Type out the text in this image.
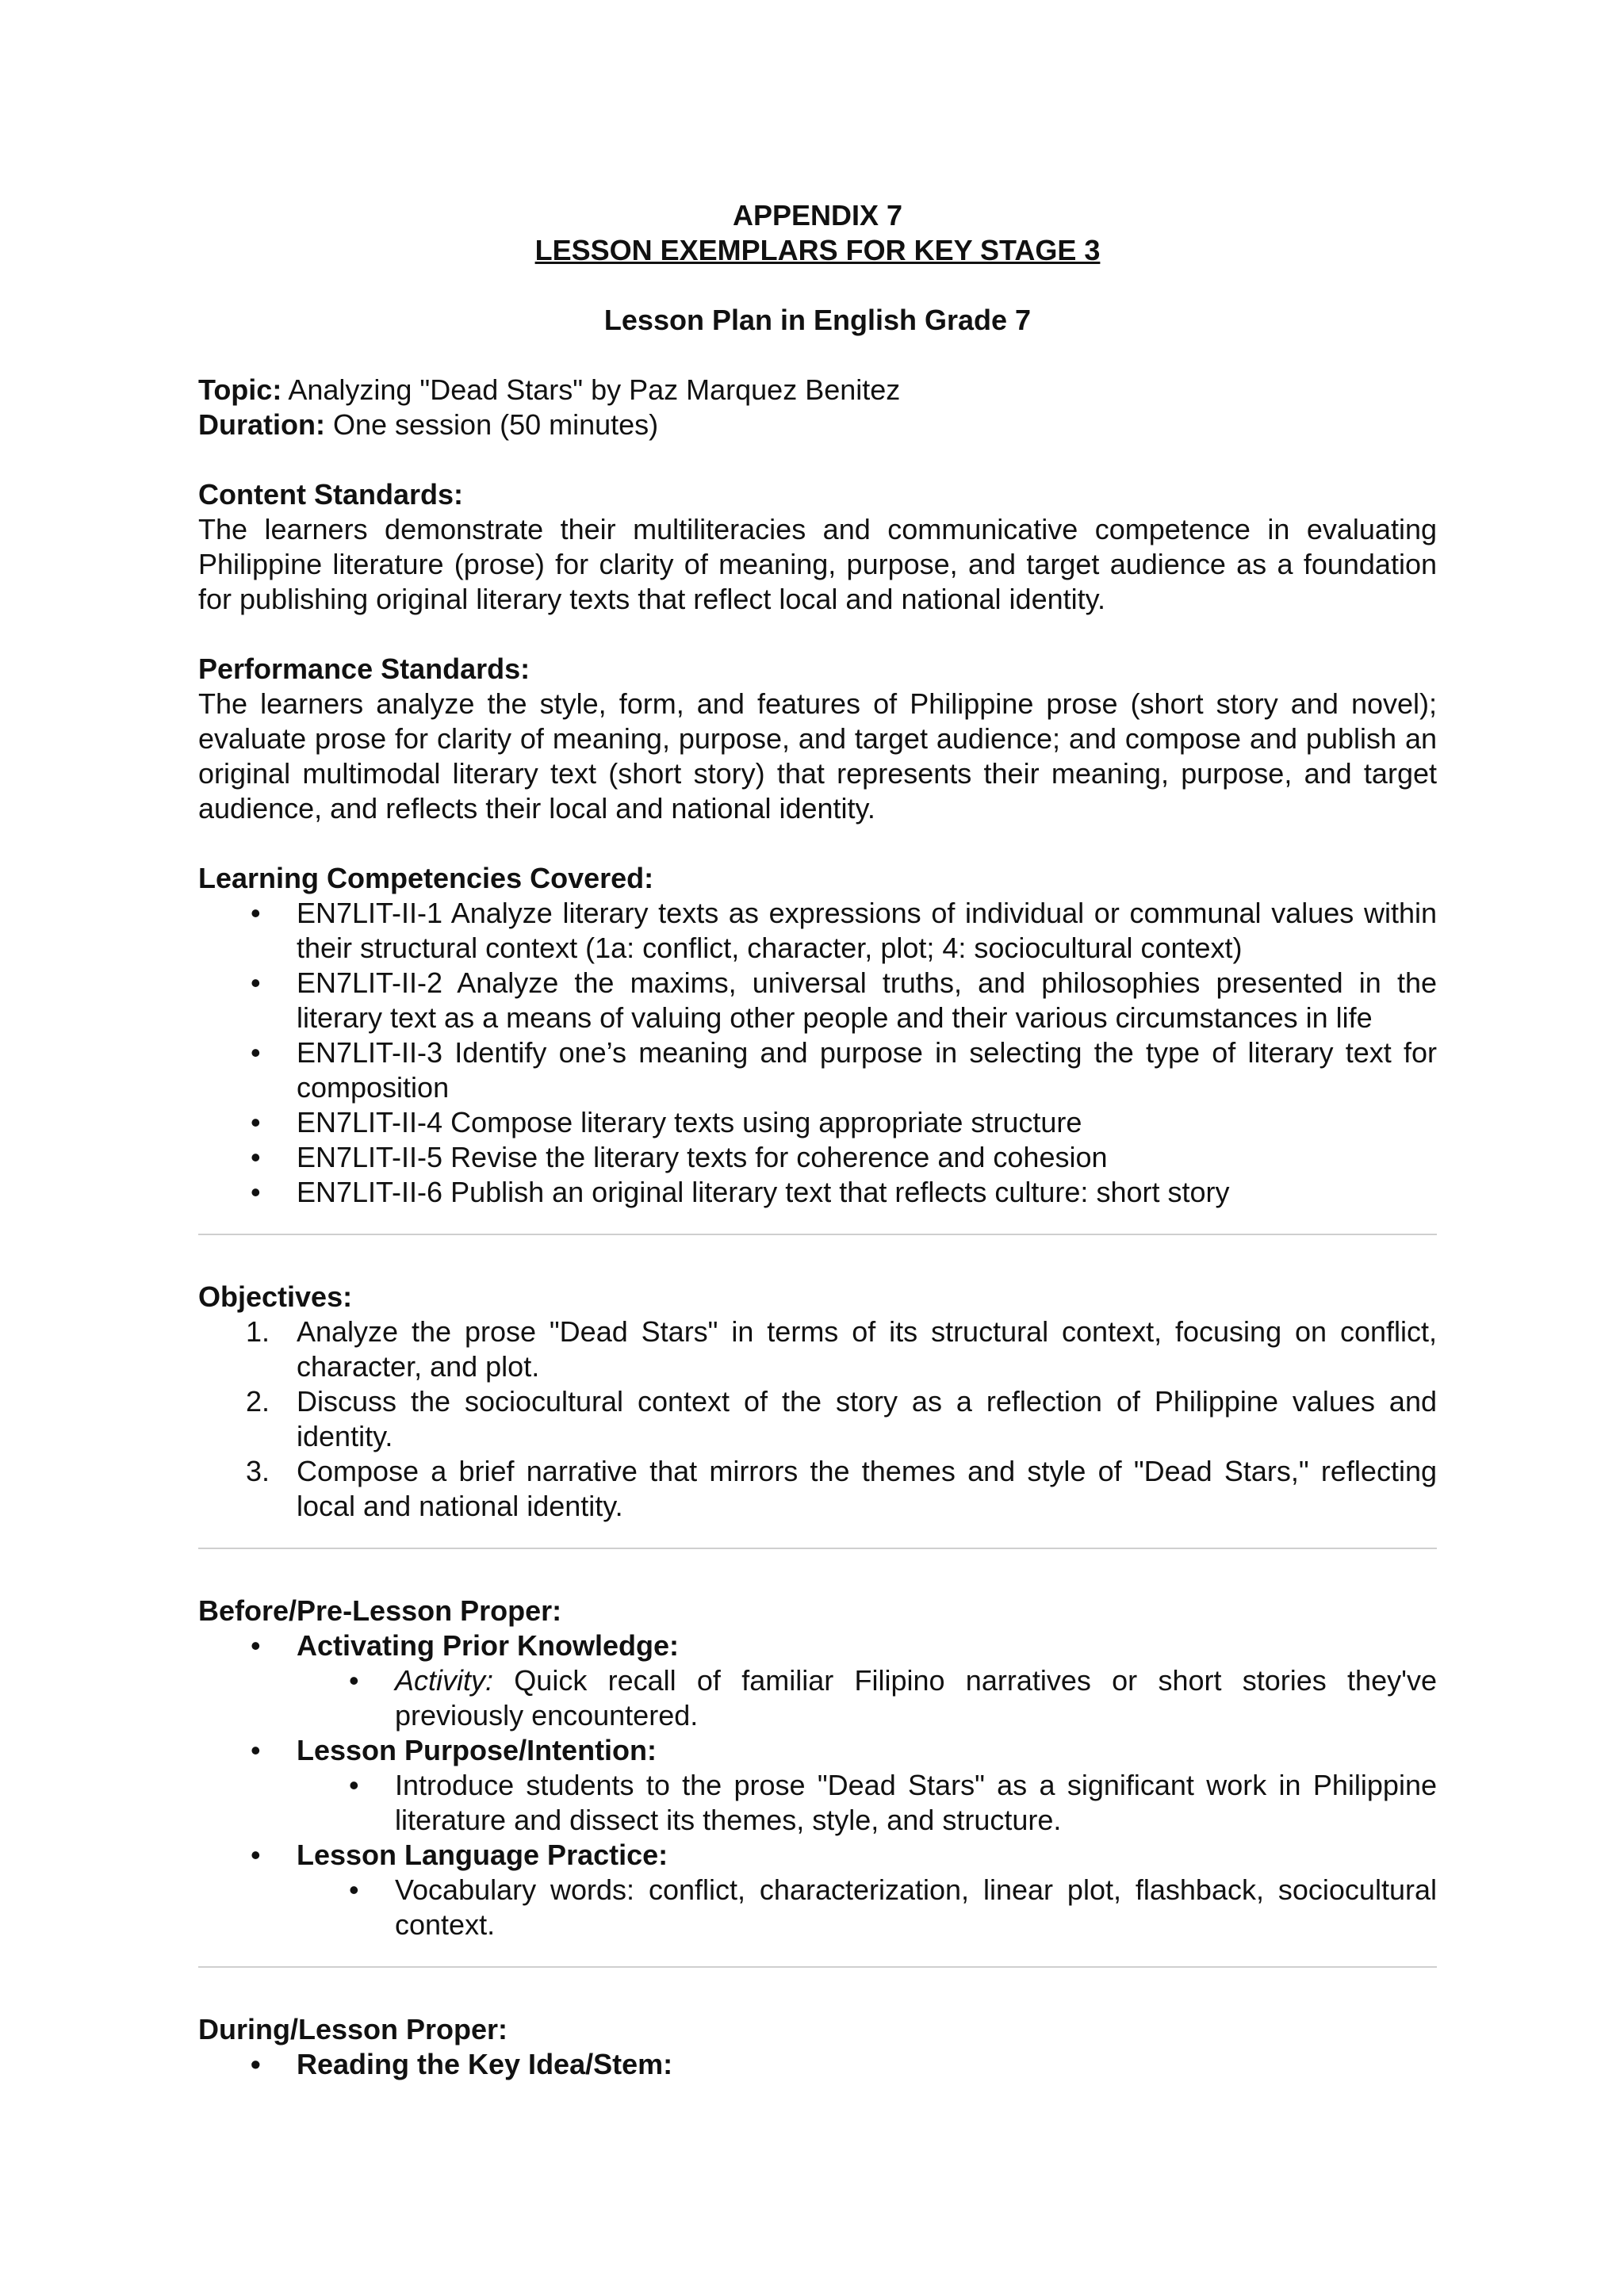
APPENDIX 7
LESSON EXEMPLARS FOR KEY STAGE 3
Lesson Plan in English Grade 7
Topic: Analyzing "Dead Stars" by Paz Marquez Benitez
Duration: One session (50 minutes)
Content Standards:
The learners demonstrate their multiliteracies and communicative competence in evaluating Philippine literature (prose) for clarity of meaning, purpose, and target audience as a foundation for publishing original literary texts that reflect local and national identity.
Performance Standards:
The learners analyze the style, form, and features of Philippine prose (short story and novel); evaluate prose for clarity of meaning, purpose, and target audience; and compose and publish an original multimodal literary text (short story) that represents their meaning, purpose, and target audience, and reflects their local and national identity.
Learning Competencies Covered:
• EN7LIT-II-1 Analyze literary texts as expressions of individual or communal values within their structural context (1a: conflict, character, plot; 4: sociocultural context)
• EN7LIT-II-2 Analyze the maxims, universal truths, and philosophies presented in the literary text as a means of valuing other people and their various circumstances in life
• EN7LIT-II-3 Identify one’s meaning and purpose in selecting the type of literary text for composition
• EN7LIT-II-4 Compose literary texts using appropriate structure
• EN7LIT-II-5 Revise the literary texts for coherence and cohesion
• EN7LIT-II-6 Publish an original literary text that reflects culture: short story
Objectives:
1. Analyze the prose "Dead Stars" in terms of its structural context, focusing on conflict, character, and plot.
2. Discuss the sociocultural context of the story as a reflection of Philippine values and identity.
3. Compose a brief narrative that mirrors the themes and style of "Dead Stars," reflecting local and national identity.
Before/Pre-Lesson Proper:
• Activating Prior Knowledge:
• Activity: Quick recall of familiar Filipino narratives or short stories they've previously encountered.
• Lesson Purpose/Intention:
• Introduce students to the prose "Dead Stars" as a significant work in Philippine literature and dissect its themes, style, and structure.
• Lesson Language Practice:
• Vocabulary words: conflict, characterization, linear plot, flashback, sociocultural context.
During/Lesson Proper:
• Reading the Key Idea/Stem:
